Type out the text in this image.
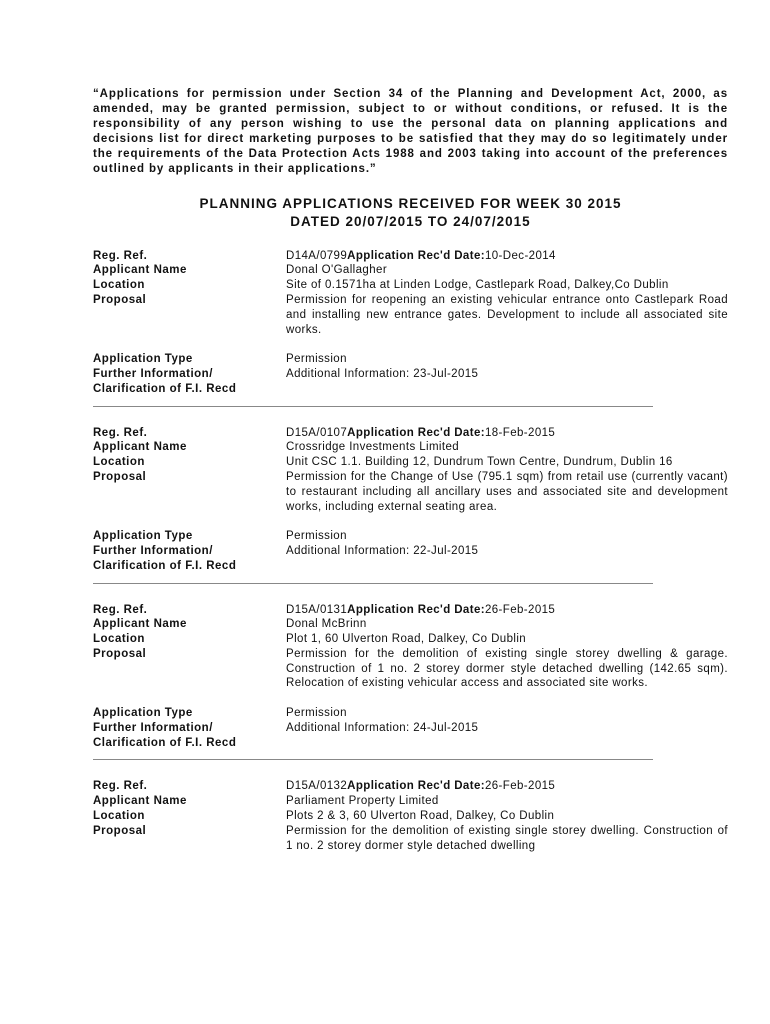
“Applications for permission under Section 34 of the Planning and Development Act, 2000, as amended, may be granted permission, subject to or without conditions, or refused. It is the responsibility of any person wishing to use the personal data on planning applications and decisions list for direct marketing purposes to be satisfied that they may do so legitimately under the requirements of the Data Protection Acts 1988 and 2003 taking into account of the preferences outlined by applicants in their applications.”
PLANNING APPLICATIONS RECEIVED FOR WEEK 30 2015
DATED 20/07/2015 TO 24/07/2015
Reg. Ref.	D14A/0799Application Rec'd Date:10-Dec-2014
Applicant Name	Donal O'Gallagher
Location	Site of 0.1571ha at Linden Lodge, Castlepark Road, Dalkey,Co Dublin
Proposal	Permission for reopening an existing vehicular entrance onto Castlepark Road and installing new entrance gates. Development to include all associated site works.
Application Type	Permission
Further Information/	Additional Information: 23-Jul-2015
Clarification of F.I. Recd
Reg. Ref.	D15A/0107Application Rec'd Date:18-Feb-2015
Applicant Name	Crossridge Investments Limited
Location	Unit CSC 1.1. Building 12, Dundrum Town Centre, Dundrum, Dublin 16
Proposal	Permission for the Change of Use (795.1 sqm) from retail use (currently vacant) to restaurant including all ancillary uses and associated site and development works, including external seating area.
Application Type	Permission
Further Information/	Additional Information: 22-Jul-2015
Clarification of F.I. Recd
Reg. Ref.	D15A/0131Application Rec'd Date:26-Feb-2015
Applicant Name	Donal McBrinn
Location	Plot 1, 60 Ulverton Road, Dalkey, Co Dublin
Proposal	Permission for the demolition of existing single storey dwelling & garage. Construction of 1 no. 2 storey dormer style detached dwelling (142.65 sqm). Relocation of existing vehicular access and associated site works.
Application Type	Permission
Further Information/	Additional Information: 24-Jul-2015
Clarification of F.I. Recd
Reg. Ref.	D15A/0132Application Rec'd Date:26-Feb-2015
Applicant Name	Parliament Property Limited
Location	Plots 2 & 3, 60 Ulverton Road, Dalkey, Co Dublin
Proposal	Permission for the demolition of existing single storey dwelling. Construction of 1 no. 2 storey dormer style detached dwelling
